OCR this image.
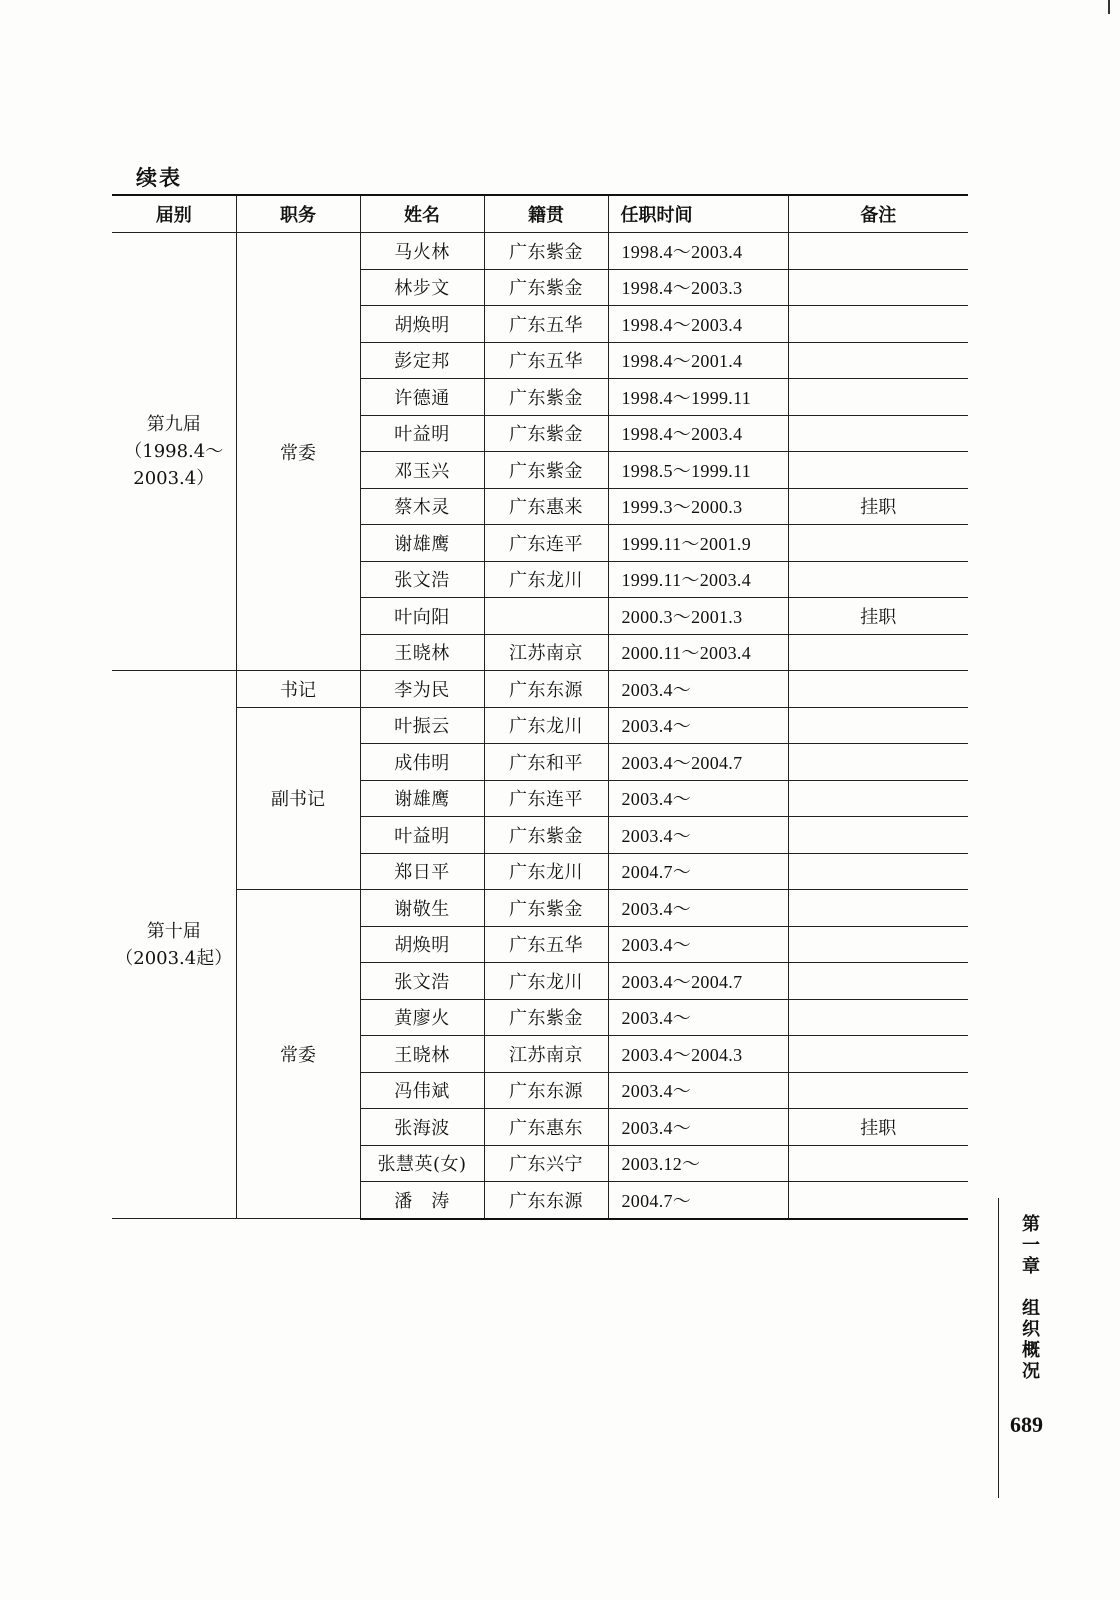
续表
届别	职务	姓名	籍贯	任职时间	备注

第九届
（1998.4～
2003.4）	常委	马火林	广东紫金	1998.4～2003.4	
		林步文	广东紫金	1998.4～2003.3	
		胡焕明	广东五华	1998.4～2003.4	
		彭定邦	广东五华	1998.4～2001.4	
		许德通	广东紫金	1998.4～1999.11	
		叶益明	广东紫金	1998.4～2003.4	
		邓玉兴	广东紫金	1998.5～1999.11	
		蔡木灵	广东惠来	1999.3～2000.3	挂职
		谢雄鹰	广东连平	1999.11～2001.9	
		张文浩	广东龙川	1999.11～2003.4	
		叶向阳		2000.3～2001.3	挂职
		王晓林	江苏南京	2000.11～2003.4	

第十届
（2003.4起）	书记	李为民	广东东源	2003.4～	
	副书记	叶振云	广东龙川	2003.4～	
		成伟明	广东和平	2003.4～2004.7	
		谢雄鹰	广东连平	2003.4～	
		叶益明	广东紫金	2003.4～	
		郑日平	广东龙川	2004.7～	
	常委	谢敬生	广东紫金	2003.4～	
		胡焕明	广东五华	2003.4～	
		张文浩	广东龙川	2003.4～2004.7	
		黄廖火	广东紫金	2003.4～	
		王晓林	江苏南京	2003.4～2004.3	
		冯伟斌	广东东源	2003.4～	
		张海波	广东惠东	2003.4～	挂职
		张慧英(女)	广东兴宁	2003.12～	
		潘　涛	广东东源	2004.7～	
第一章　组织概况
689
